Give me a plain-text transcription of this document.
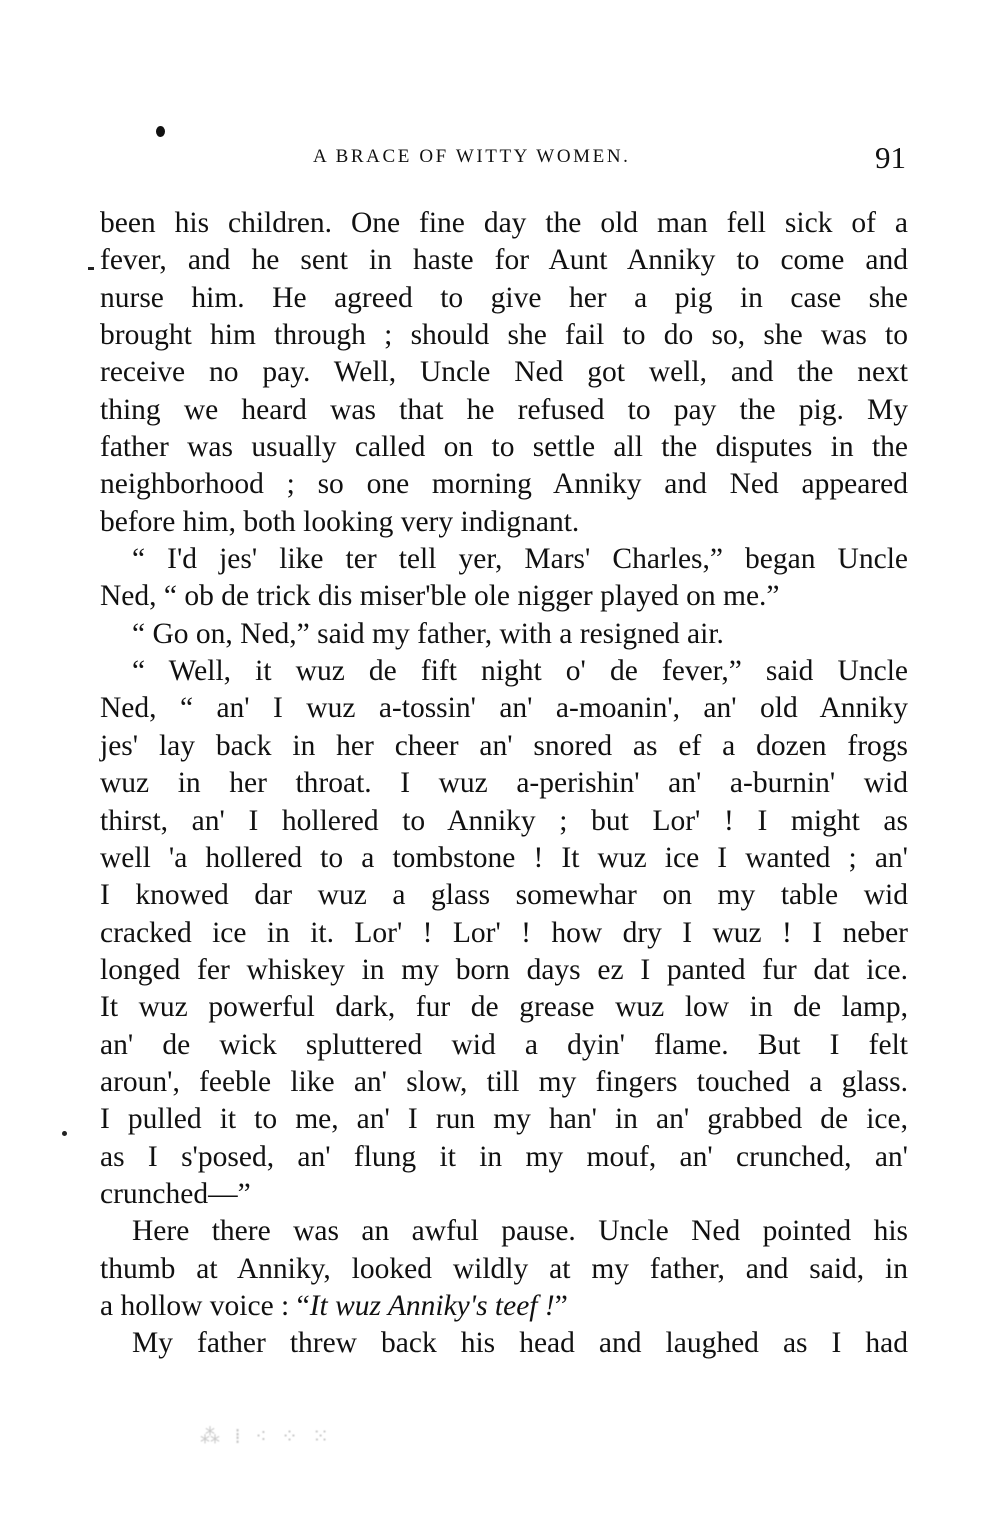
A BRACE OF WITTY WOMEN.	91
been his children. One fine day the old man fell sick of a
fever, and he sent in haste for Aunt Anniky to come and
nurse him. He agreed to give her a pig in case she
brought him through ; should she fail to do so, she was to
receive no pay. Well, Uncle Ned got well, and the next
thing we heard was that he refused to pay the pig. My
father was usually called on to settle all the disputes in the
neighborhood ; so one morning Anniky and Ned appeared
before him, both looking very indignant.
“ I'd jes' like ter tell yer, Mars' Charles,” began Uncle
Ned, “ ob de trick dis miser'ble ole nigger played on me.”
“ Go on, Ned,” said my father, with a resigned air.
“ Well, it wuz de fift night o' de fever,” said Uncle
Ned, “ an' I wuz a-tossin' an' a-moanin', an' old Anniky
jes' lay back in her cheer an' snored as ef a dozen frogs
wuz in her throat. I wuz a-perishin' an' a-burnin' wid
thirst, an' I hollered to Anniky ; but Lor' ! I might as
well 'a hollered to a tombstone ! It wuz ice I wanted ; an'
I knowed dar wuz a glass somewhar on my table wid
cracked ice in it. Lor' ! Lor' ! how dry I wuz ! I neber
longed fer whiskey in my born days ez I panted fur dat ice.
It wuz powerful dark, fur de grease wuz low in de lamp,
an' de wick spluttered wid a dyin' flame. But I felt
aroun', feeble like an' slow, till my fingers touched a glass.
I pulled it to me, an' I run my han' in an' grabbed de ice,
as I s'posed, an' flung it in my mouf, an' crunched, an'
crunched—”
Here there was an awful pause. Uncle Ned pointed his
thumb at Anniky, looked wildly at my father, and said, in
a hollow voice : “It wuz Anniky's teef !”
My father threw back his head and laughed as I had
⁂ ⁞ ⁖ ⁘ ⁙
